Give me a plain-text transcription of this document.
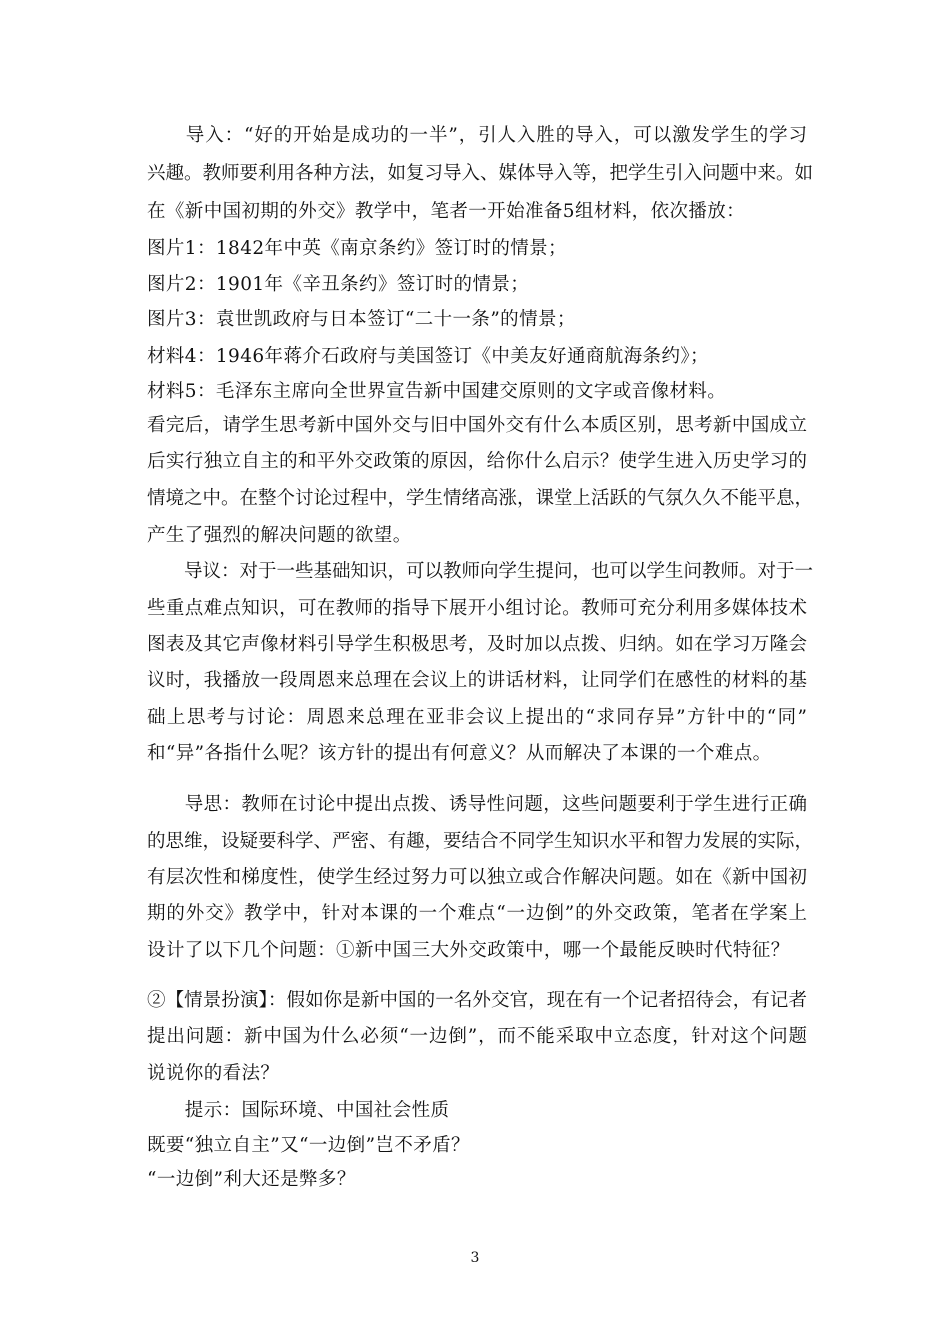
　　导入：“好的开始是成功的一半”，引人入胜的导入，可以激发学生的学习
兴趣。教师要利用各种方法，如复习导入、媒体导入等，把学生引入问题中来。如
在《新中国初期的外交》教学中，笔者一开始准备5组材料，依次播放：
图片1：1842年中英《南京条约》签订时的情景；
图片2：1901年《辛丑条约》签订时的情景；
图片3：袁世凯政府与日本签订“二十一条”的情景；
材料4：1946年蒋介石政府与美国签订《中美友好通商航海条约》；
材料5：毛泽东主席向全世界宣告新中国建交原则的文字或音像材料。
看完后，请学生思考新中国外交与旧中国外交有什么本质区别，思考新中国成立
后实行独立自主的和平外交政策的原因，给你什么启示？使学生进入历史学习的
情境之中。在整个讨论过程中，学生情绪高涨，课堂上活跃的气氛久久不能平息，
产生了强烈的解决问题的欲望。
　　导议：对于一些基础知识，可以教师向学生提问，也可以学生问教师。对于一
些重点难点知识，可在教师的指导下展开小组讨论。教师可充分利用多媒体技术
图表及其它声像材料引导学生积极思考，及时加以点拨、归纳。如在学习万隆会
议时，我播放一段周恩来总理在会议上的讲话材料，让同学们在感性的材料的基
础上思考与讨论：周恩来总理在亚非会议上提出的“求同存异”方针中的“同”
和“异”各指什么呢？该方针的提出有何意义？从而解决了本课的一个难点。
　　导思：教师在讨论中提出点拨、诱导性问题，这些问题要利于学生进行正确
的思维，设疑要科学、严密、有趣，要结合不同学生知识水平和智力发展的实际，
有层次性和梯度性，使学生经过努力可以独立或合作解决问题。如在《新中国初
期的外交》教学中，针对本课的一个难点“一边倒”的外交政策，笔者在学案上
设计了以下几个问题：①新中国三大外交政策中，哪一个最能反映时代特征？
②【情景扮演】：假如你是新中国的一名外交官，现在有一个记者招待会，有记者
提出问题：新中国为什么必须“一边倒”，而不能采取中立态度，针对这个问题
说说你的看法？
　　提示：国际环境、中国社会性质
既要“独立自主”又“一边倒”岂不矛盾？
“一边倒”利大还是弊多？
3
